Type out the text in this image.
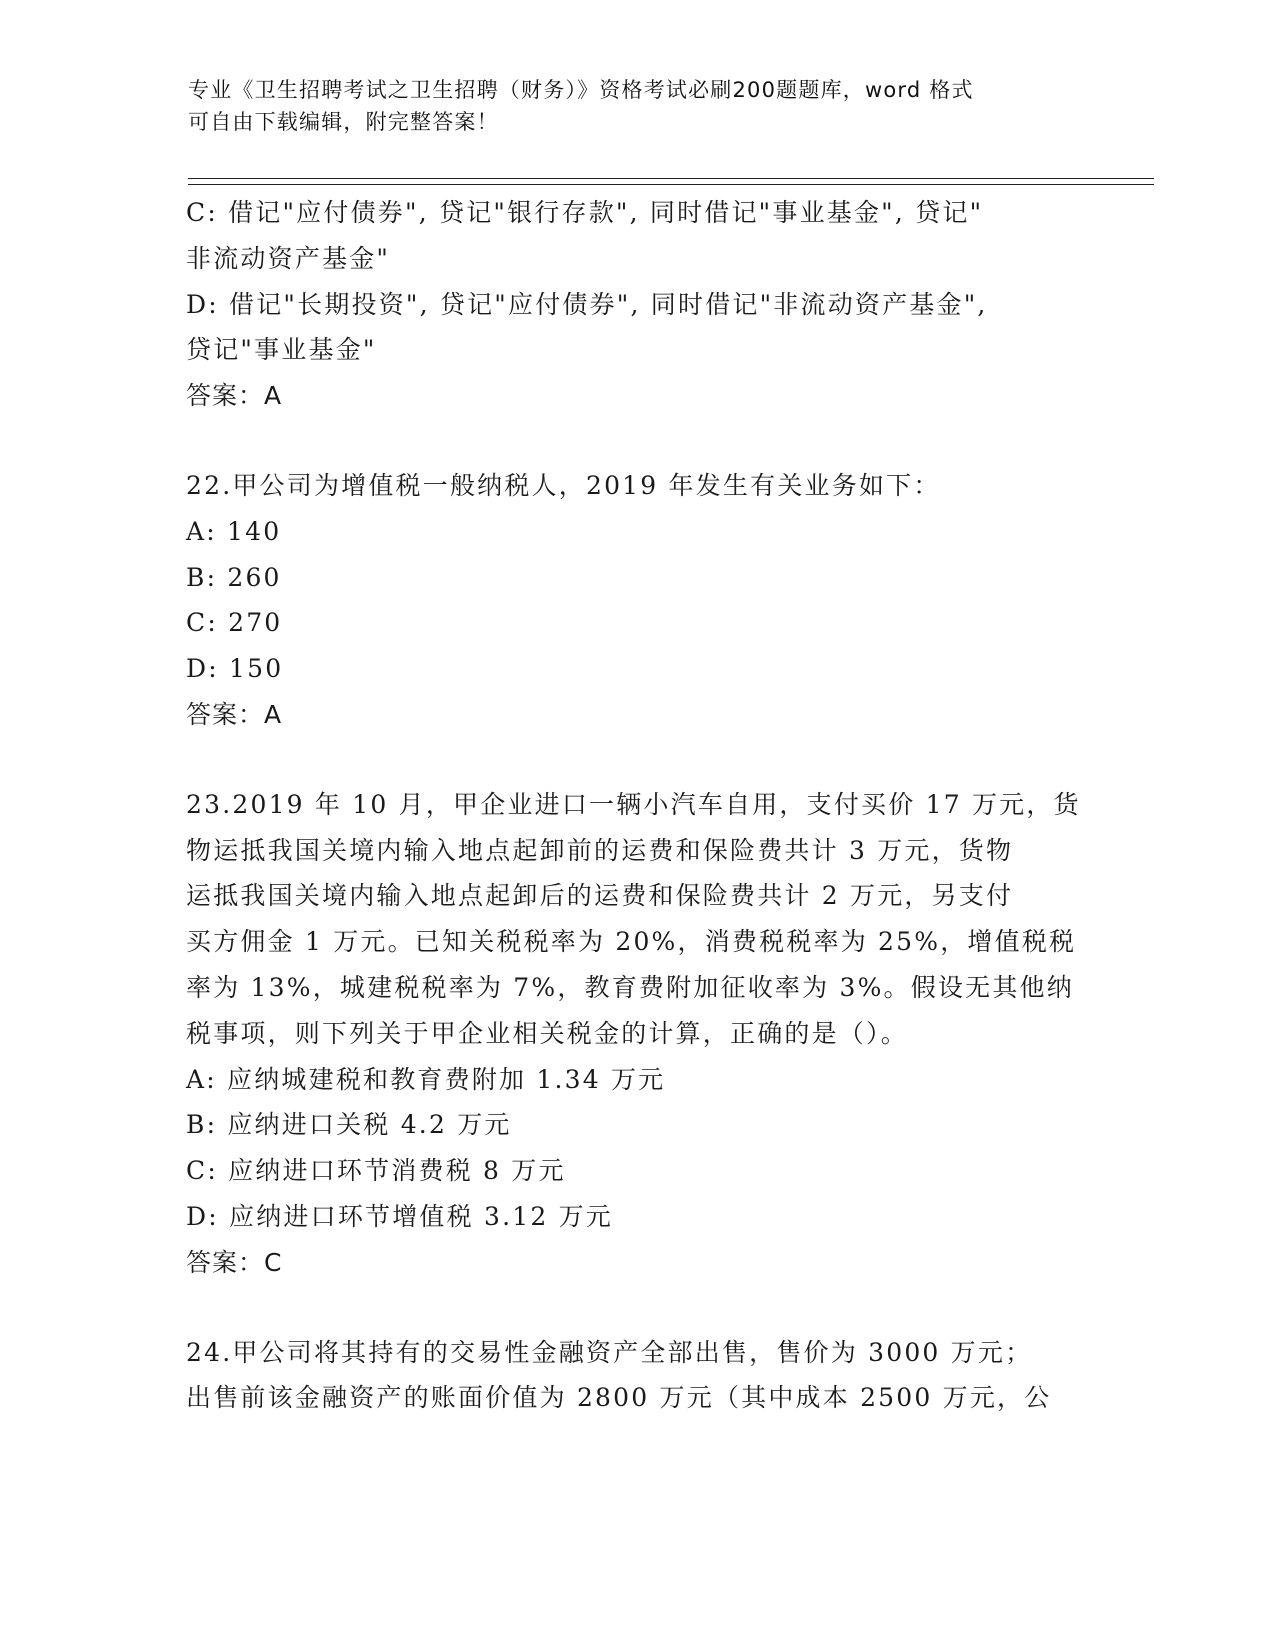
专业《卫生招聘考试之卫生招聘（财务）》资格考试必刷200题题库，word 格式
可自由下载编辑，附完整答案！
C: 借记"应付债券", 贷记"银行存款", 同时借记"事业基金", 贷记"
非流动资产基金"
D: 借记"长期投资", 贷记"应付债券", 同时借记"非流动资产基金",
贷记"事业基金"
答案：A
22.甲公司为增值税一般纳税人，2019 年发生有关业务如下：
A: 140
B: 260
C: 270
D: 150
答案：A
23.2019 年 10 月，甲企业进口一辆小汽车自用，支付买价 17 万元，货
物运抵我国关境内输入地点起卸前的运费和保险费共计 3 万元，货物
运抵我国关境内输入地点起卸后的运费和保险费共计 2 万元，另支付
买方佣金 1 万元。已知关税税率为 20%，消费税税率为 25%，增值税税
率为 13%，城建税税率为 7%，教育费附加征收率为 3%。假设无其他纳
税事项，则下列关于甲企业相关税金的计算，正确的是（）。
A: 应纳城建税和教育费附加 1.34 万元
B: 应纳进口关税 4.2 万元
C: 应纳进口环节消费税 8 万元
D: 应纳进口环节增值税 3.12 万元
答案：C
24.甲公司将其持有的交易性金融资产全部出售，售价为 3000 万元；
出售前该金融资产的账面价值为 2800 万元（其中成本 2500 万元，公
